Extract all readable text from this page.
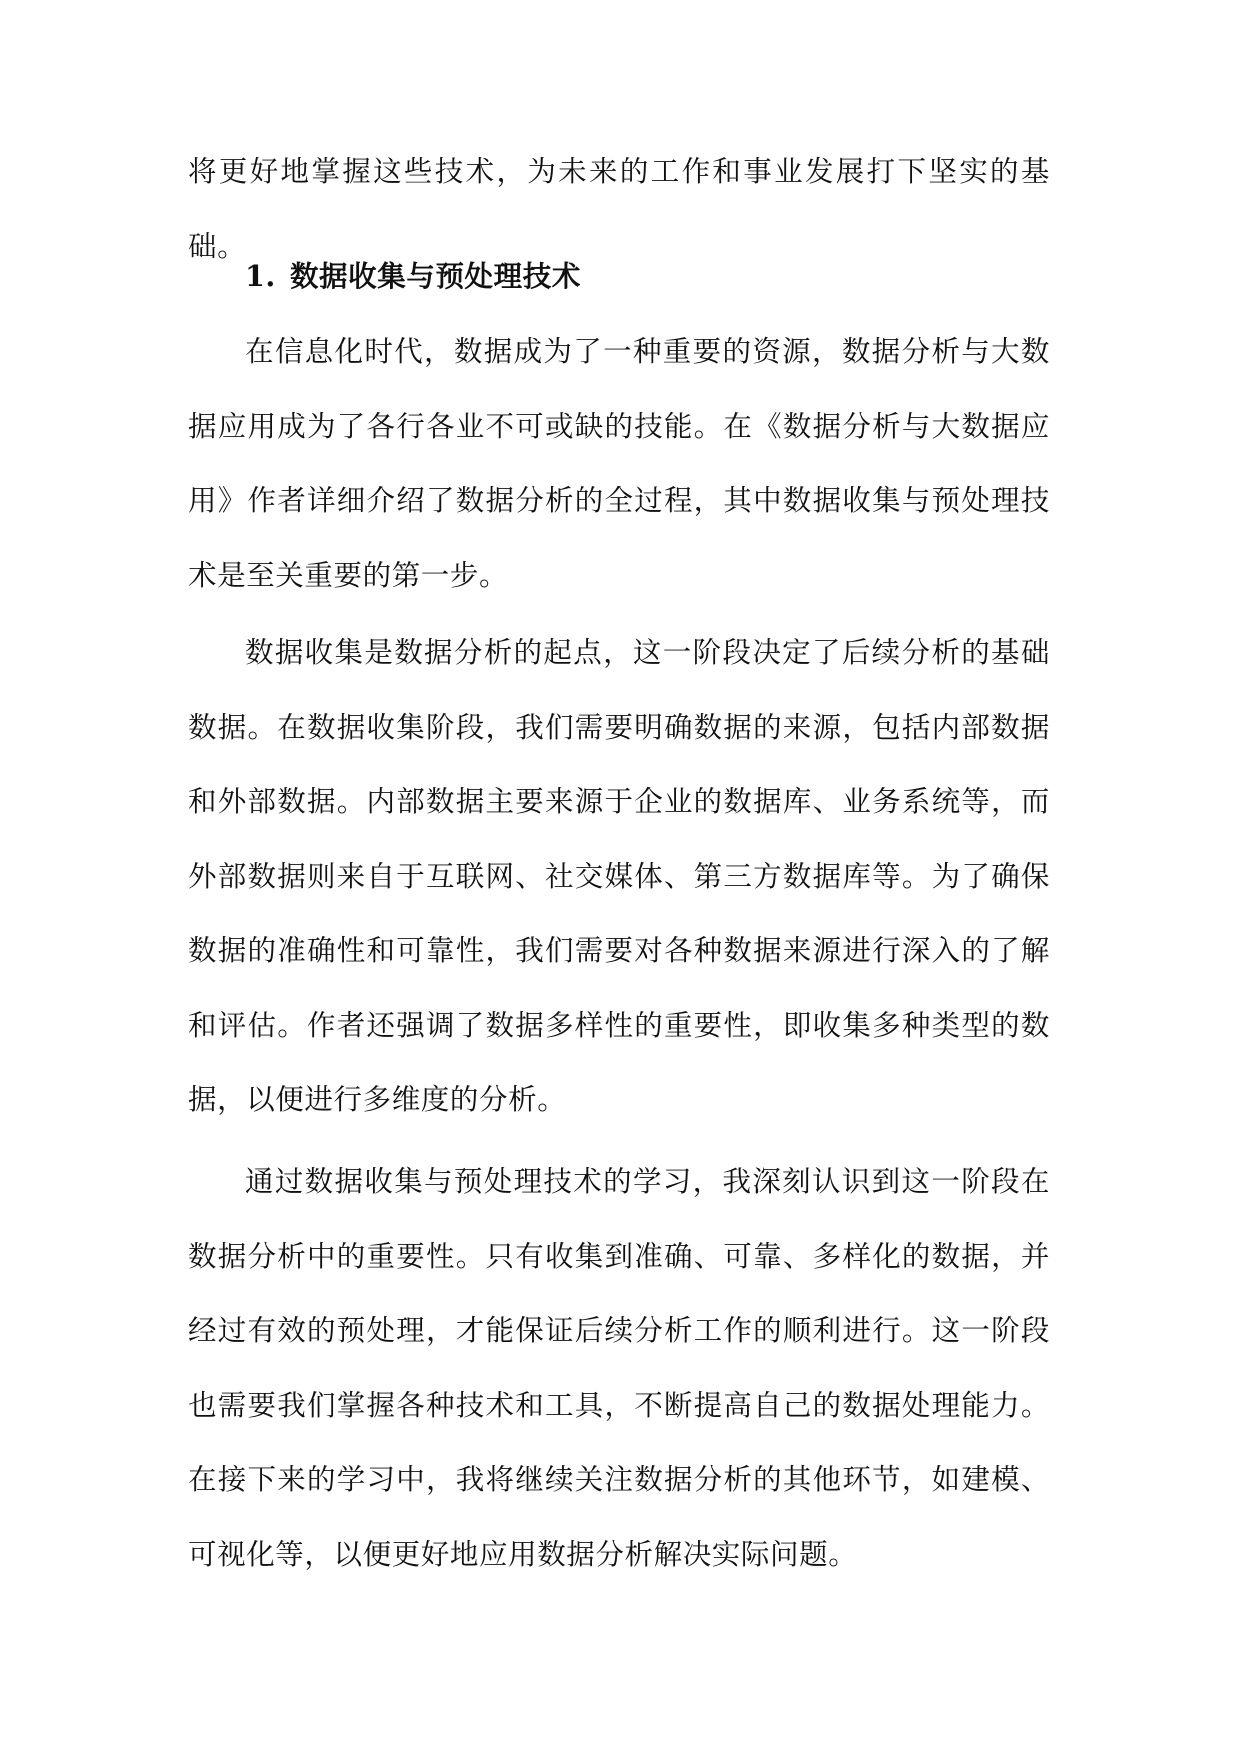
将更好地掌握这些技术，为未来的工作和事业发展打下坚实的基础。

1. 数据收集与预处理技术

在信息化时代，数据成为了一种重要的资源，数据分析与大数据应用成为了各行各业不可或缺的技能。在《数据分析与大数据应用》作者详细介绍了数据分析的全过程，其中数据收集与预处理技术是至关重要的第一步。

数据收集是数据分析的起点，这一阶段决定了后续分析的基础数据。在数据收集阶段，我们需要明确数据的来源，包括内部数据和外部数据。内部数据主要来源于企业的数据库、业务系统等，而外部数据则来自于互联网、社交媒体、第三方数据库等。为了确保数据的准确性和可靠性，我们需要对各种数据来源进行深入的了解和评估。作者还强调了数据多样性的重要性，即收集多种类型的数据，以便进行多维度的分析。

通过数据收集与预处理技术的学习，我深刻认识到这一阶段在数据分析中的重要性。只有收集到准确、可靠、多样化的数据，并经过有效的预处理，才能保证后续分析工作的顺利进行。这一阶段也需要我们掌握各种技术和工具，不断提高自己的数据处理能力。在接下来的学习中，我将继续关注数据分析的其他环节，如建模、可视化等，以便更好地应用数据分析解决实际问题。
